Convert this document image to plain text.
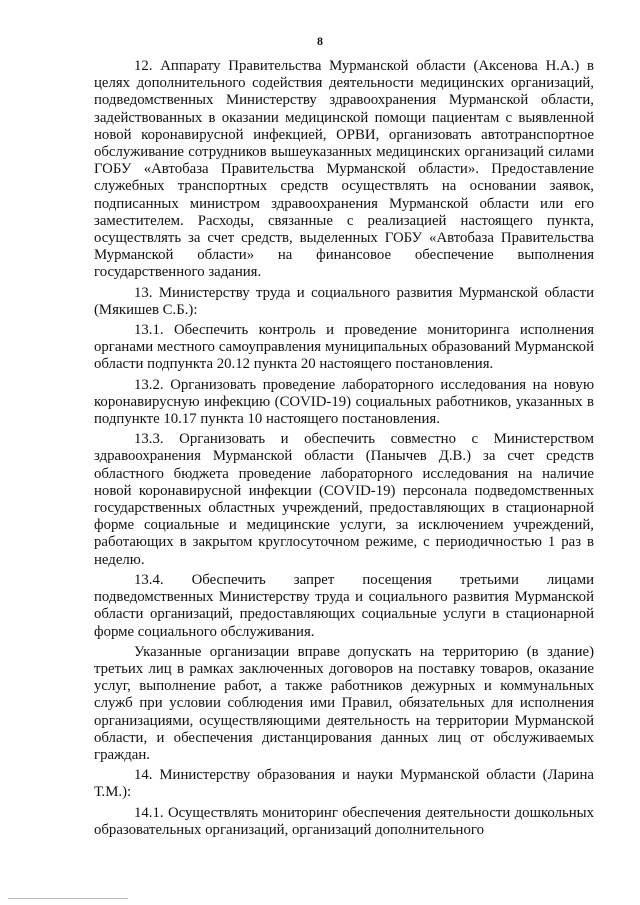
8

12. Аппарату Правительства Мурманской области (Аксенова Н.А.) в целях дополнительного содействия деятельности медицинских организаций, подведомственных Министерству здравоохранения Мурманской области, задействованных в оказании медицинской помощи пациентам с выявленной новой коронавирусной инфекцией, ОРВИ, организовать автотранспортное обслуживание сотрудников вышеуказанных медицинских организаций силами ГОБУ «Автобаза Правительства Мурманской области». Предоставление служебных транспортных средств осуществлять на основании заявок, подписанных министром здравоохранения Мурманской области или его заместителем. Расходы, связанные с реализацией настоящего пункта, осуществлять за счет средств, выделенных ГОБУ «Автобаза Правительства Мурманской области» на финансовое обеспечение выполнения государственного задания.

13. Министерству труда и социального развития Мурманской области (Мякишев С.Б.):

13.1. Обеспечить контроль и проведение мониторинга исполнения органами местного самоуправления муниципальных образований Мурманской области подпункта 20.12 пункта 20 настоящего постановления.

13.2. Организовать проведение лабораторного исследования на новую коронавирусную инфекцию (COVID-19) социальных работников, указанных в подпункте 10.17 пункта 10 настоящего постановления.

13.3. Организовать и обеспечить совместно с Министерством здравоохранения Мурманской области (Панычев Д.В.) за счет средств областного бюджета проведение лабораторного исследования на наличие новой коронавирусной инфекции (COVID-19) персонала подведомственных государственных областных учреждений, предоставляющих в стационарной форме социальные и медицинские услуги, за исключением учреждений, работающих в закрытом круглосуточном режиме, с периодичностью 1 раз в неделю.

13.4. Обеспечить запрет посещения третьими лицами подведомственных Министерству труда и социального развития Мурманской области организаций, предоставляющих социальные услуги в стационарной форме социального обслуживания.

Указанные организации вправе допускать на территорию (в здание) третьих лиц в рамках заключенных договоров на поставку товаров, оказание услуг, выполнение работ, а также работников дежурных и коммунальных служб при условии соблюдения ими Правил, обязательных для исполнения организациями, осуществляющими деятельность на территории Мурманской области, и обеспечения дистанцирования данных лиц от обслуживаемых граждан.

14. Министерству образования и науки Мурманской области (Ларина Т.М.):

14.1. Осуществлять мониторинг обеспечения деятельности дошкольных образовательных организаций, организаций дополнительного
